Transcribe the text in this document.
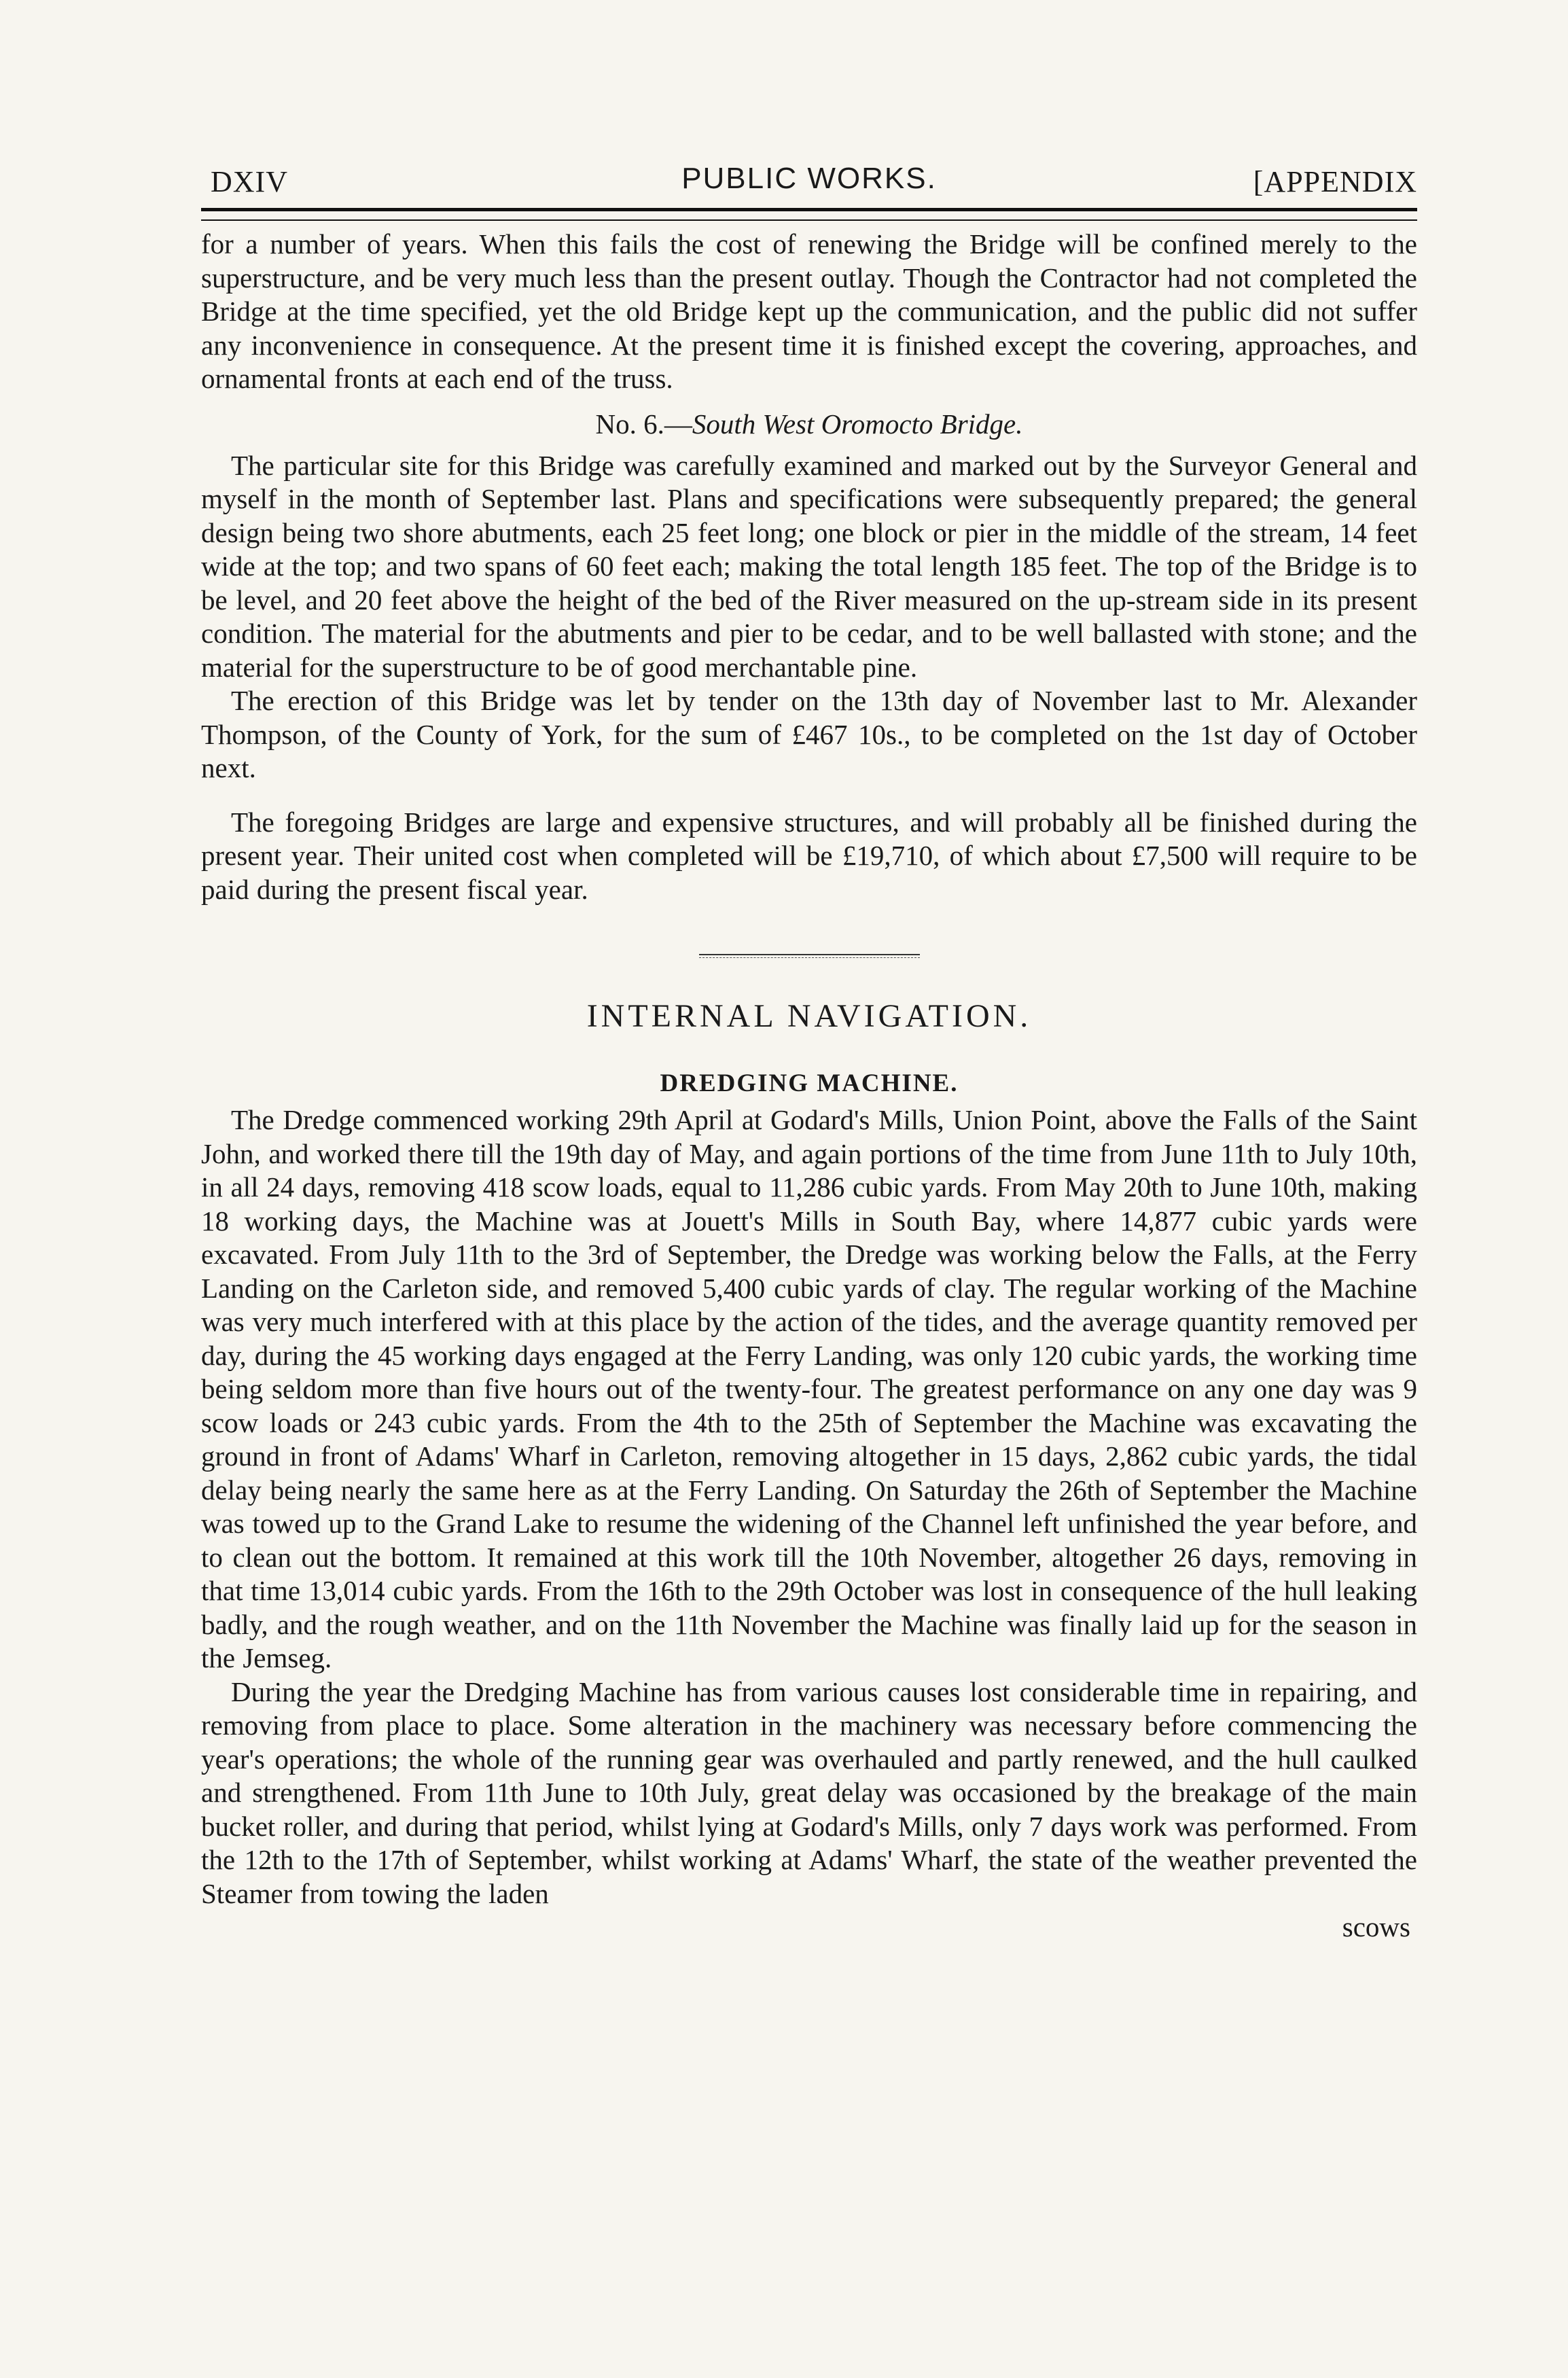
DXIV	PUBLIC WORKS.	[APPENDIX

for a number of years. When this fails the cost of renewing the Bridge will be confined merely to the superstructure, and be very much less than the present outlay. Though the Contractor had not completed the Bridge at the time specified, yet the old Bridge kept up the communication, and the public did not suffer any inconvenience in consequence. At the present time it is finished except the covering, approaches, and ornamental fronts at each end of the truss.

No. 6.—South West Oromocto Bridge.

The particular site for this Bridge was carefully examined and marked out by the Surveyor General and myself in the month of September last. Plans and specifications were subsequently prepared; the general design being two shore abutments, each 25 feet long; one block or pier in the middle of the stream, 14 feet wide at the top; and two spans of 60 feet each; making the total length 185 feet. The top of the Bridge is to be level, and 20 feet above the height of the bed of the River measured on the up-stream side in its present condition. The material for the abutments and pier to be cedar, and to be well ballasted with stone; and the material for the superstructure to be of good merchantable pine.

The erection of this Bridge was let by tender on the 13th day of November last to Mr. Alexander Thompson, of the County of York, for the sum of £467 10s., to be completed on the 1st day of October next.

The foregoing Bridges are large and expensive structures, and will probably all be finished during the present year. Their united cost when completed will be £19,710, of which about £7,500 will require to be paid during the present fiscal year.

INTERNAL NAVIGATION.
DREDGING MACHINE.

The Dredge commenced working 29th April at Godard's Mills, Union Point, above the Falls of the Saint John, and worked there till the 19th day of May, and again portions of the time from June 11th to July 10th, in all 24 days, removing 418 scow loads, equal to 11,286 cubic yards. From May 20th to June 10th, making 18 working days, the Machine was at Jouett's Mills in South Bay, where 14,877 cubic yards were excavated. From July 11th to the 3rd of September, the Dredge was working below the Falls, at the Ferry Landing on the Carleton side, and removed 5,400 cubic yards of clay. The regular working of the Machine was very much interfered with at this place by the action of the tides, and the average quantity removed per day, during the 45 working days engaged at the Ferry Landing, was only 120 cubic yards, the working time being seldom more than five hours out of the twenty-four. The greatest performance on any one day was 9 scow loads or 243 cubic yards. From the 4th to the 25th of September the Machine was excavating the ground in front of Adams' Wharf in Carleton, removing altogether in 15 days, 2,862 cubic yards, the tidal delay being nearly the same here as at the Ferry Landing. On Saturday the 26th of September the Machine was towed up to the Grand Lake to resume the widening of the Channel left unfinished the year before, and to clean out the bottom. It remained at this work till the 10th November, altogether 26 days, removing in that time 13,014 cubic yards. From the 16th to the 29th October was lost in consequence of the hull leaking badly, and the rough weather, and on the 11th November the Machine was finally laid up for the season in the Jemseg.

During the year the Dredging Machine has from various causes lost considerable time in repairing, and removing from place to place. Some alteration in the machinery was necessary before commencing the year's operations; the whole of the running gear was overhauled and partly renewed, and the hull caulked and strengthened. From 11th June to 10th July, great delay was occasioned by the breakage of the main bucket roller, and during that period, whilst lying at Godard's Mills, only 7 days work was performed. From the 12th to the 17th of September, whilst working at Adams' Wharf, the state of the weather prevented the Steamer from towing the laden

scows
